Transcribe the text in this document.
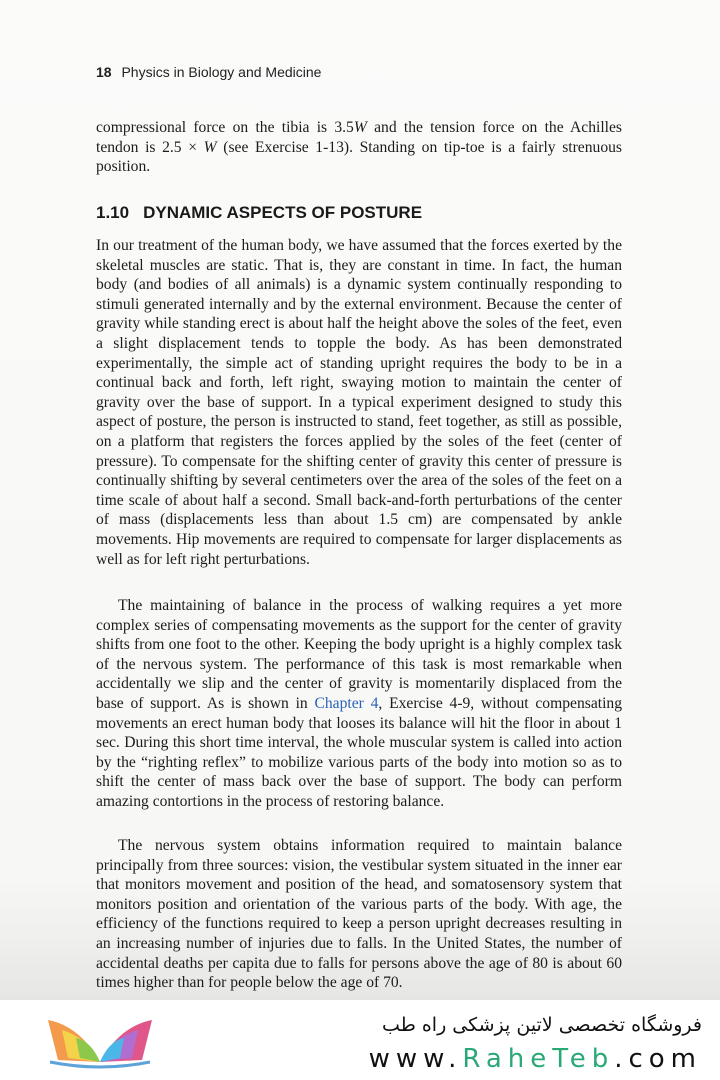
18 Physics in Biology and Medicine

compressional force on the tibia is 3.5W and the tension force on the Achilles tendon is 2.5 × W (see Exercise 1-13). Standing on tip-toe is a fairly strenuous position.

1.10 DYNAMIC ASPECTS OF POSTURE

In our treatment of the human body, we have assumed that the forces exerted by the skeletal muscles are static. That is, they are constant in time. In fact, the human body (and bodies of all animals) is a dynamic system continually responding to stimuli generated internally and by the external environment. Because the center of gravity while standing erect is about half the height above the soles of the feet, even a slight displacement tends to topple the body. As has been demonstrated experimentally, the simple act of standing upright requires the body to be in a continual back and forth, left right, swaying motion to maintain the center of gravity over the base of support. In a typical experiment designed to study this aspect of posture, the person is instructed to stand, feet together, as still as possible, on a platform that registers the forces applied by the soles of the feet (center of pressure). To compensate for the shifting center of gravity this center of pressure is continually shifting by several centimeters over the area of the soles of the feet on a time scale of about half a second. Small back-and-forth perturbations of the center of mass (displacements less than about 1.5 cm) are compensated by ankle movements. Hip movements are required to compensate for larger displacements as well as for left right perturbations.

The maintaining of balance in the process of walking requires a yet more complex series of compensating movements as the support for the center of gravity shifts from one foot to the other. Keeping the body upright is a highly complex task of the nervous system. The performance of this task is most remarkable when accidentally we slip and the center of gravity is momentarily displaced from the base of support. As is shown in Chapter 4, Exercise 4-9, without compensating movements an erect human body that looses its balance will hit the floor in about 1 sec. During this short time interval, the whole muscular system is called into action by the “righting reflex” to mobilize various parts of the body into motion so as to shift the center of mass back over the base of support. The body can perform amazing contortions in the process of restoring balance.

The nervous system obtains information required to maintain balance principally from three sources: vision, the vestibular system situated in the inner ear that monitors movement and position of the head, and somatosensory system that monitors position and orientation of the various parts of the body. With age, the efficiency of the functions required to keep a person upright decreases resulting in an increasing number of injuries due to falls. In the United States, the number of accidental deaths per capita due to falls for persons above the age of 80 is about 60 times higher than for people below the age of 70.

فروشگاه تخصصی لاتین پزشکی راه طب
www.RaheTeb.com
